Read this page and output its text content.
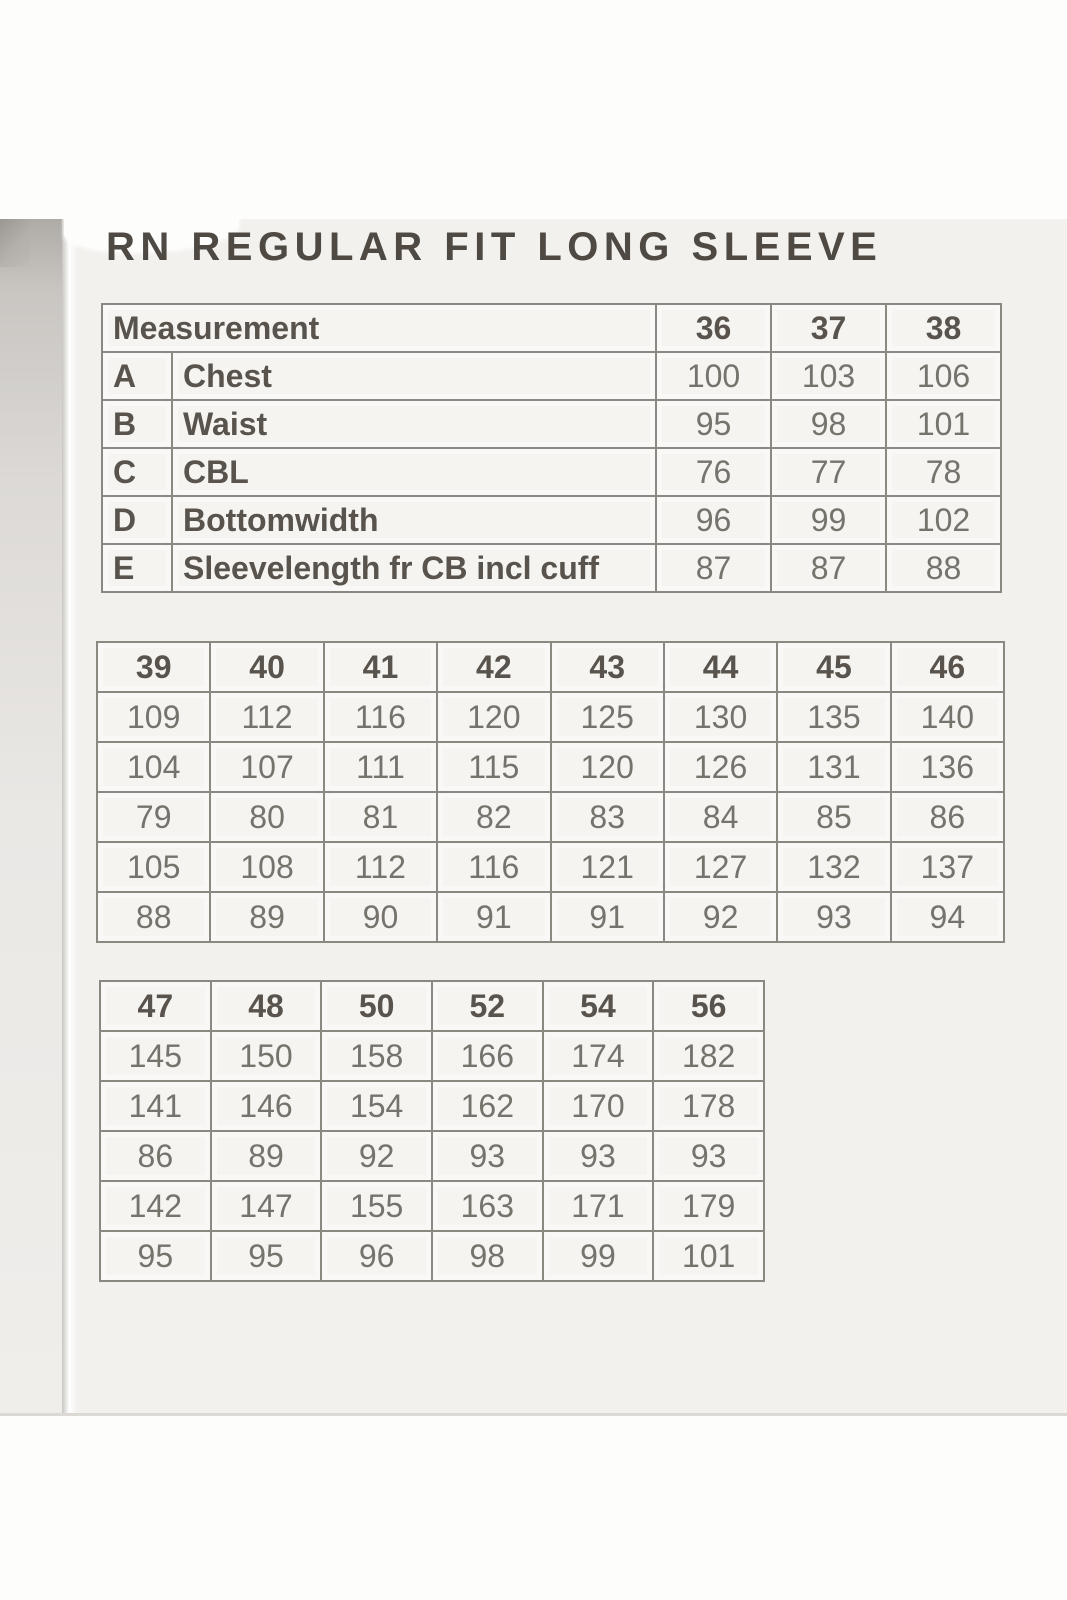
RN REGULAR FIT LONG SLEEVE
Measurement		36	37	38
A	Chest	100	103	106
B	Waist	95	98	101
C	CBL	76	77	78
D	Bottomwidth	96	99	102
E	Sleevelength fr CB incl cuff	87	87	88
39	40	41	42	43	44	45	46
109	112	116	120	125	130	135	140
104	107	111	115	120	126	131	136
79	80	81	82	83	84	85	86
105	108	112	116	121	127	132	137
88	89	90	91	91	92	93	94
47	48	50	52	54	56
145	150	158	166	174	182
141	146	154	162	170	178
86	89	92	93	93	93
142	147	155	163	171	179
95	95	96	98	99	101
